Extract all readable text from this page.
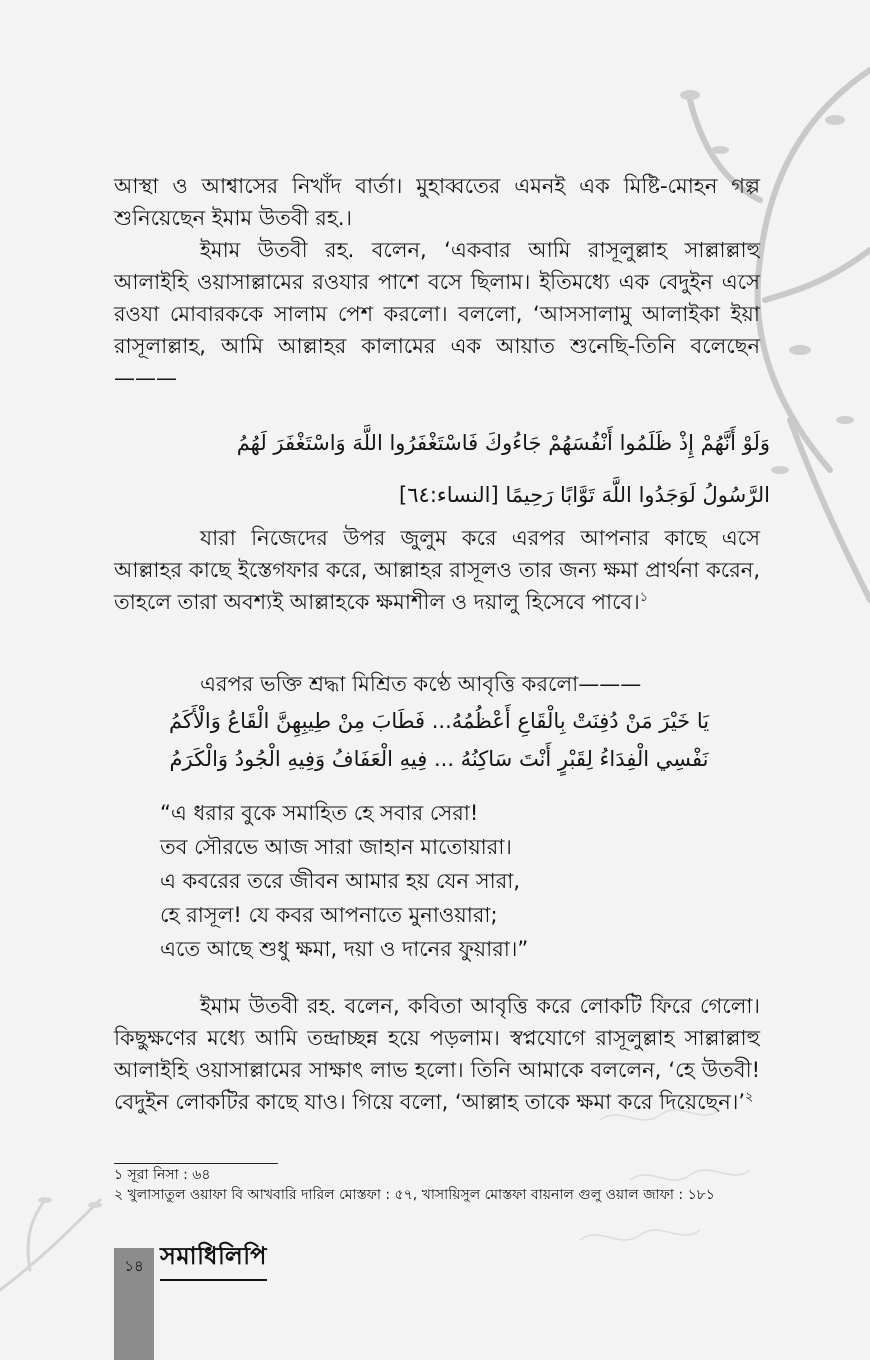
আস্থা ও আশ্বাসের নিখাঁদ বার্তা। মুহাব্বতের এমনই এক মিষ্টি-মোহন গল্প শুনিয়েছেন ইমাম উতবী রহ.।

ইমাম উতবী রহ. বলেন, ‘একবার আমি রাসূলুল্লাহ সাল্লাল্লাহু আলাইহি ওয়াসাল্লামের রওযার পাশে বসে ছিলাম। ইতিমধ্যে এক বেদুইন এসে রওযা মোবারককে সালাম পেশ করলো। বললো, ‘আসসালামু আলাইকা ইয়া রাসূলাল্লাহ, আমি আল্লাহর কালামের এক আয়াত শুনেছি-তিনি বলেছেন———

وَلَوْ أَنَّهُمْ إِذْ ظَلَمُوا أَنْفُسَهُمْ جَاءُوكَ فَاسْتَغْفَرُوا اللَّهَ وَاسْتَغْفَرَ لَهُمُ

الرَّسُولُ لَوَجَدُوا اللَّهَ تَوَّابًا رَحِيمًا [النساء:٦٤]

যারা নিজেদের উপর জুলুম করে এরপর আপনার কাছে এসে আল্লাহর কাছে ইস্তেগফার করে, আল্লাহর রাসূলও তার জন্য ক্ষমা প্রার্থনা করেন, তাহলে তারা অবশ্যই আল্লাহকে ক্ষমাশীল ও দয়ালু হিসেবে পাবে।$^১$

এরপর ভক্তি শ্রদ্ধা মিশ্রিত কণ্ঠে আবৃত্তি করলো———

يَا خَيْرَ مَنْ دُفِنَتْ بِالْقَاعِ أَعْظُمُهُ... فَطَابَ مِنْ طِيبِهِنَّ الْقَاعُ وَالْأَكَمُ

نَفْسِي الْفِدَاءُ لِقَبْرٍ أَنْتَ سَاكِنُهُ ... فِيهِ الْعَفَافُ وَفِيهِ الْجُودُ وَالْكَرَمُ

“এ ধরার বুকে সমাহিত হে সবার সেরা!
তব সৌরভে আজ সারা জাহান মাতোয়ারা।
এ কবরের তরে জীবন আমার হয় যেন সারা,
হে রাসূল! যে কবর আপনাতে মুনাওয়ারা;
এতে আছে শুধু ক্ষমা, দয়া ও দানের ফুয়ারা।”

ইমাম উতবী রহ. বলেন, কবিতা আবৃত্তি করে লোকটি ফিরে গেলো। কিছুক্ষণের মধ্যে আমি তন্দ্রাচ্ছন্ন হয়ে পড়লাম। স্বপ্নযোগে রাসূলুল্লাহ সাল্লাল্লাহু আলাইহি ওয়াসাল্লামের সাক্ষাৎ লাভ হলো। তিনি আমাকে বললেন, ‘হে উতবী! বেদুইন লোকটির কাছে যাও। গিয়ে বলো, ‘আল্লাহ তাকে ক্ষমা করে দিয়েছেন।’$^২$

১ সূরা নিসা : ৬৪

২ খুলাসাতুল ওয়াফা বি আখবারি দারিল মোস্তফা : ৫৭, খাসায়িসুল মোস্তফা বায়নাল গুলু ওয়াল জাফা : ১৮১

১৪ সমাধিলিপি
